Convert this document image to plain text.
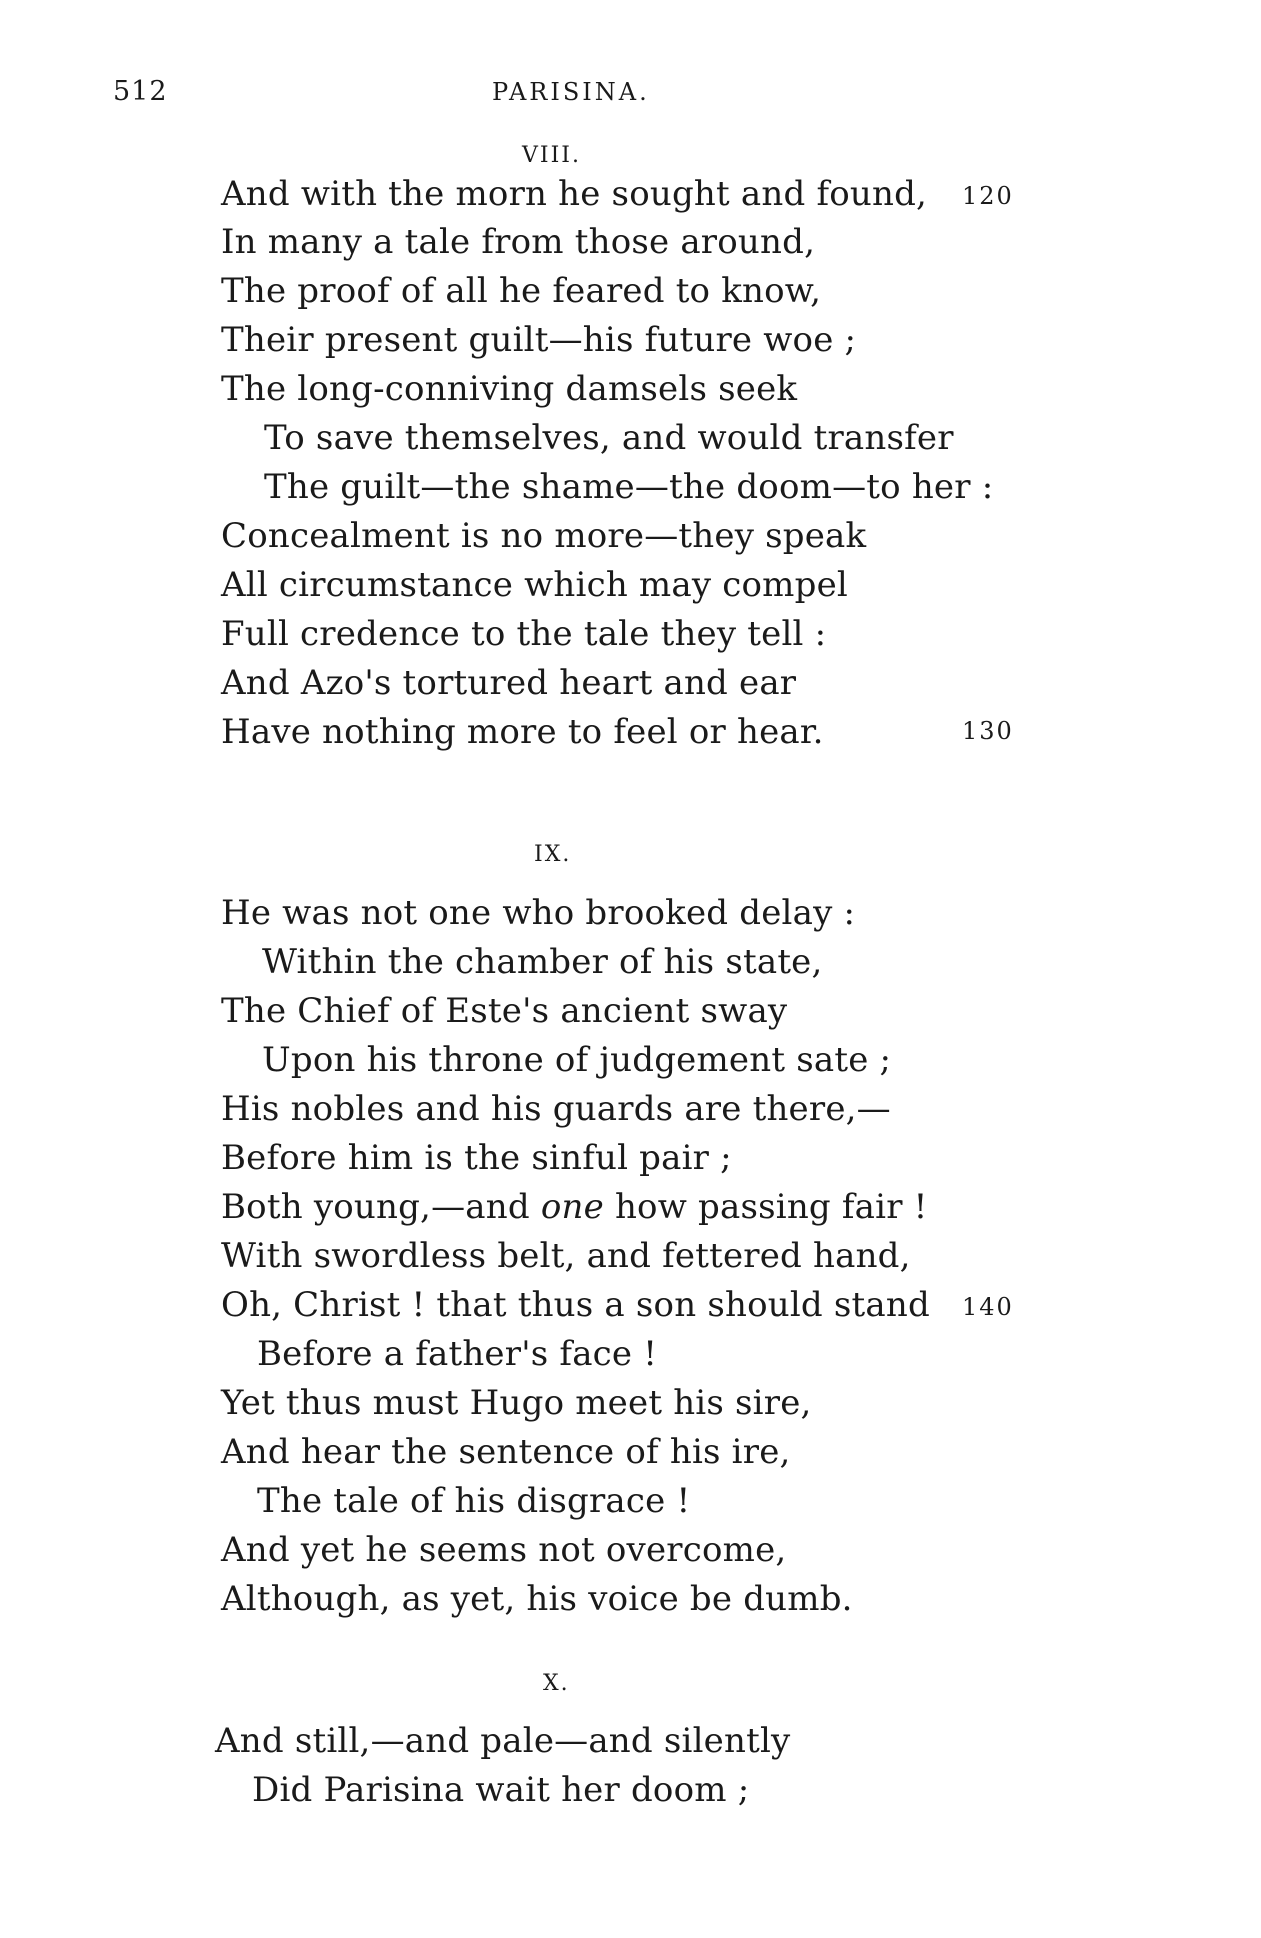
512	PARISINA.
VIII.
And with the morn he sought and found, 120
In many a tale from those around,
The proof of all he feared to know,
Their present guilt—his future woe ;
The long-conniving damsels seek
To save themselves, and would transfer
The guilt—the shame—the doom—to her :
Concealment is no more—they speak
All circumstance which may compel
Full credence to the tale they tell :
And Azo's tortured heart and ear
130
Have nothing more to feel or hear.
IX.
He was not one who brooked delay :
Within the chamber of his state,
The Chief of Este's ancient sway
Upon his throne of judgement sate ;
His nobles and his guards are there,—
Before him is the sinful pair ;
Both young,—and one how passing fair !
With swordless belt, and fettered hand,
Oh, Christ ! that thus a son should stand 140
Before a father's face !
Yet thus must Hugo meet his sire,
And hear the sentence of his ire,
The tale of his disgrace !
And yet he seems not overcome,
Although, as yet, his voice be dumb.
X.
And still,—and pale—and silently
Did Parisina wait her doom ;
